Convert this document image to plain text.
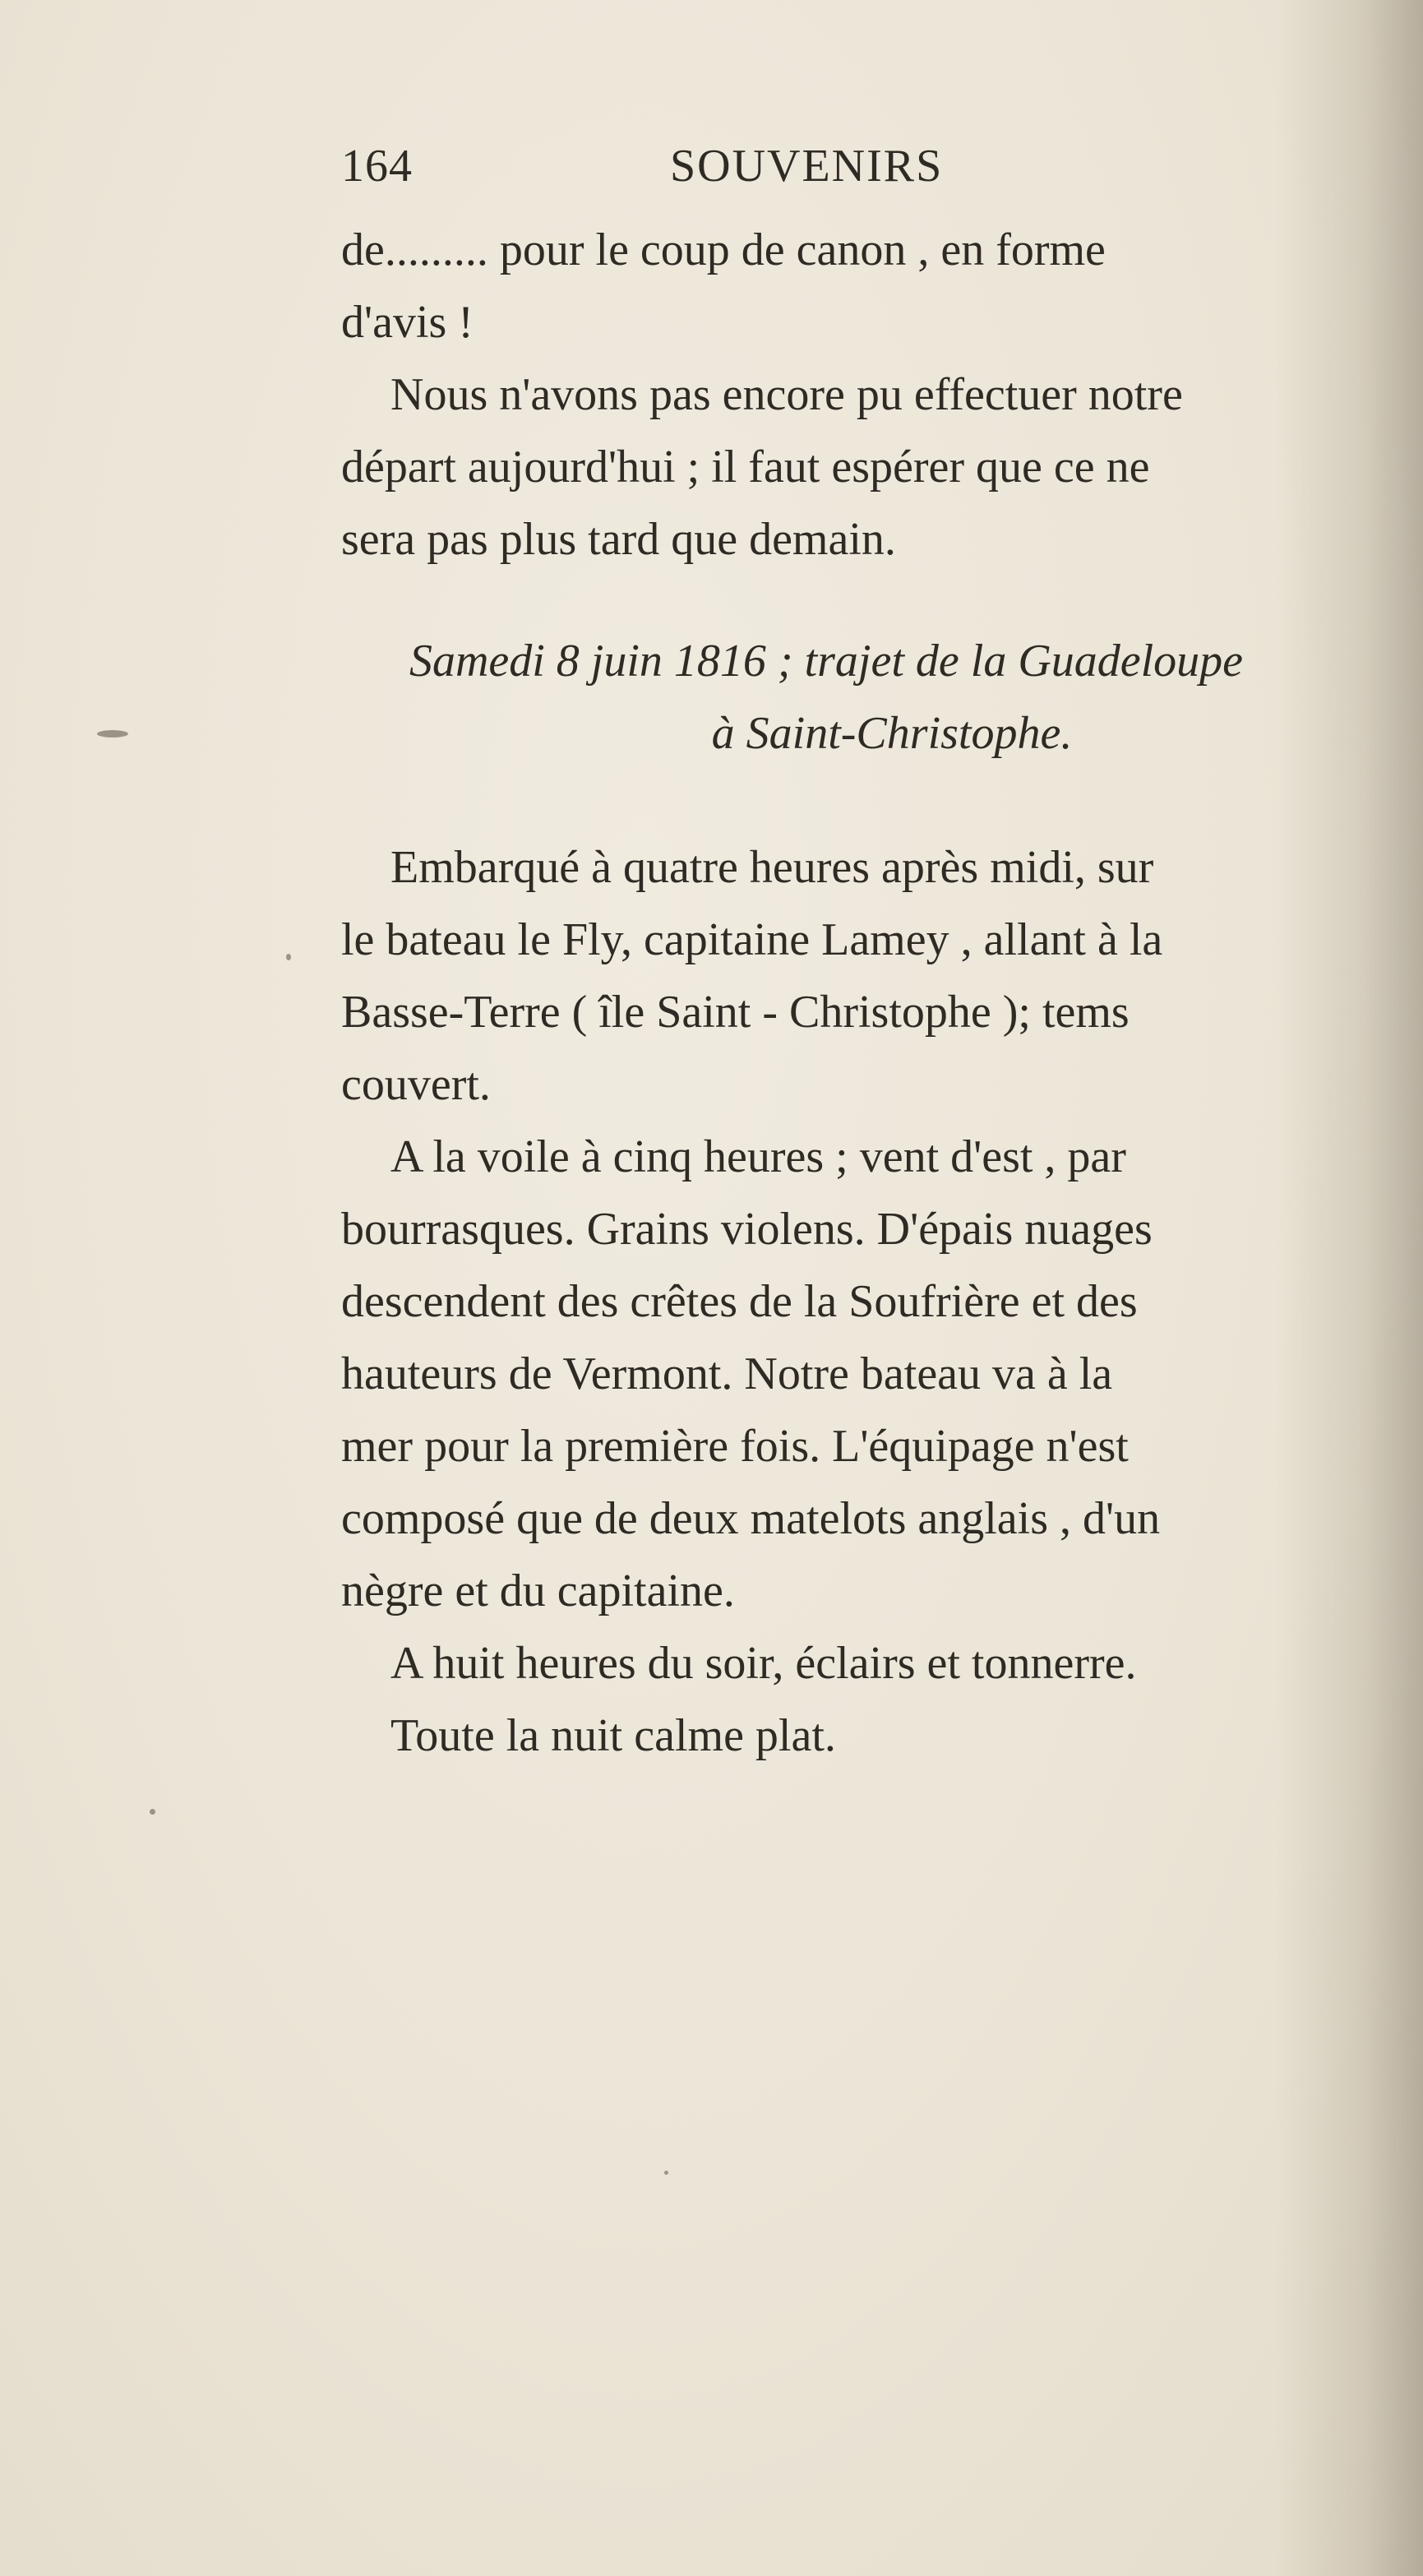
164	SOUVENIRS

de......... pour le coup de canon , en forme
d'avis !

Nous n'avons pas encore pu effectuer notre
départ aujourd'hui ; il faut espérer que ce ne
sera pas plus tard que demain.

Samedi 8 juin 1816 ; trajet de la Guadeloupe
à Saint-Christophe.

Embarqué à quatre heures après midi, sur
le bateau le Fly, capitaine Lamey , allant à la
Basse-Terre ( île Saint - Christophe ); tems
couvert.

A la voile à cinq heures ; vent d'est , par
bourrasques. Grains violens. D'épais nuages
descendent des crêtes de la Soufrière et des
hauteurs de Vermont. Notre bateau va à la
mer pour la première fois. L'équipage n'est
composé que de deux matelots anglais , d'un
nègre et du capitaine.

A huit heures du soir, éclairs et tonnerre.

Toute la nuit calme plat.
